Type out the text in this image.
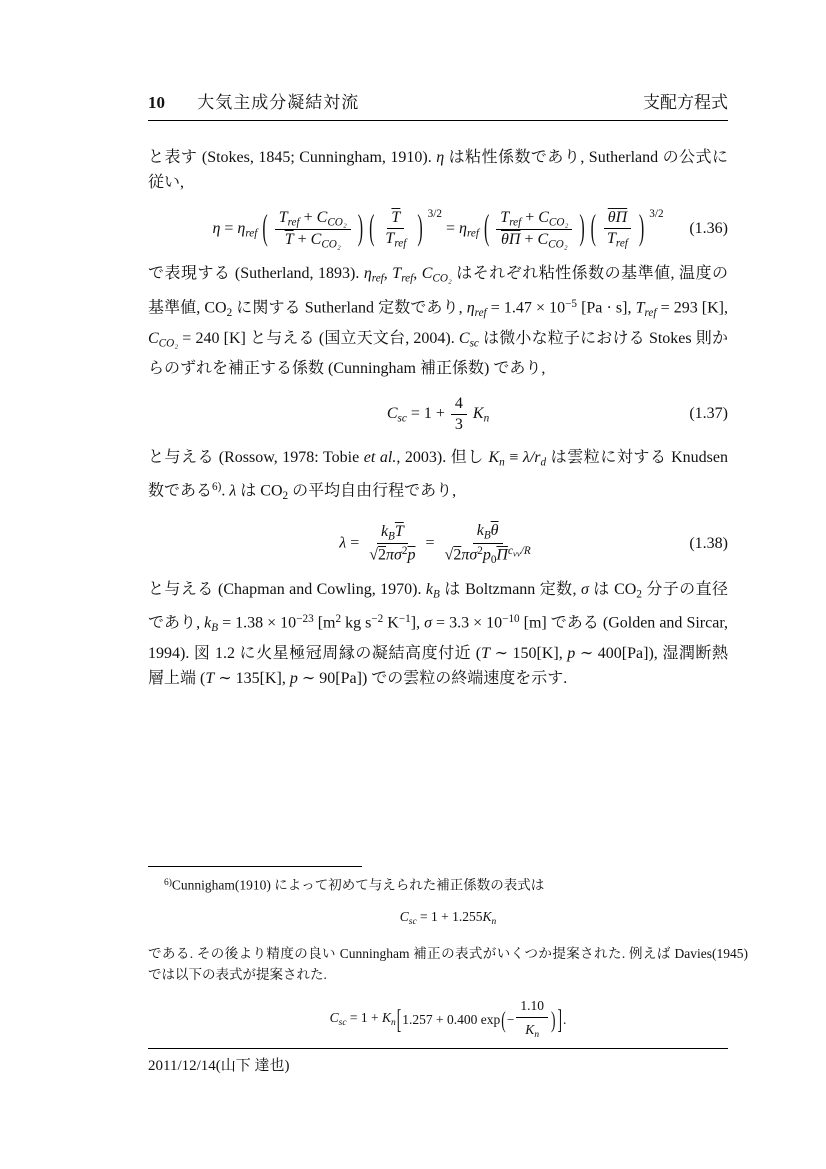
10 大気主成分凝結対流	支配方程式

と表す (Stokes, 1845; Cunningham, 1910). η は粘性係数であり, Sutherland の公式に従い,

$\eta = \eta_{ref}$ ( $\frac{T_{ref} + C_{CO_2}}{\overline{T} + C_{CO_2}}$ ) ( $\frac{\overline{T}}{T_{ref}}$ ) $^{3/2} = \eta_{ref}$ ( $\frac{T_{ref} + C_{CO_2}}{\overline{\theta\Pi} + C_{CO_2}}$ ) ( $\frac{\overline{\theta\Pi}}{T_{ref}}$ ) $^{3/2}$
(1.36)

で表現する (Sutherland, 1893). $\eta_{ref}$, $T_{ref}$, $C_{CO_2}$ はそれぞれ粘性係数の基準値, 温度の基準値, $CO_2$ に関する Sutherland 定数であり, $\eta_{ref} = 1.47 \times 10^{-5}$ [Pa · s], $T_{ref} = 293$ [K], $C_{CO_2} = 240$ [K] と与える (国立天文台, 2004). $C_{sc}$ は微小な粒子における Stokes 則からのずれを補正する係数 (Cunningham 補正係数) であり,

$C_{sc} = 1 + \frac{4}{3} K_n$	(1.37)

と与える (Rossow, 1978: Tobie et al., 2003). 但し $K_n \equiv \lambda/r_d$ は雲粒に対する Knudsen 数である$^{6)}$. λ は $CO_2$ の平均自由行程であり,

$\lambda = \frac{k_B\overline{T}}{√2\pi\sigma^2\overline{p}} = \frac{k_B\overline{\theta}}{√2\pi\sigma^2p_0\overline{\Pi}^cvv^{/R}}$	(1.38)

と与える (Chapman and Cowling, 1970). $k_B$ は Boltzmann 定数, σ は $CO_2$ 分子の直径であり, $k_B = 1.38 \times 10^{-23}$ [$m^2$ kg $s^{-2}$ $K^{-1}$], $\sigma = 3.3 \times 10^{-10}$ [m] である (Golden and Sircar, 1994). 図 1.2 に火星極冠周縁の凝結高度付近 (T ∼ 150[K], p ∼ 400[Pa]), 湿潤断熱層上端 (T ∼ 135[K], p ∼ 90[Pa]) での雲粒の終端速度を示す.

$^{6)}$Cunnigham(1910) によって初めて与えられた補正係数の表式は

$C_{sc} = 1 + 1.255K_n$

である. その後より精度の良い Cunningham 補正の表式がいくつか提案された. 例えば Davies(1945) では以下の表式が提案された.

$C_{sc} = 1 + K_n$ [ 1.257 + 0.400 exp ( − $\frac{1.10}{K_n}$ ) ] .

2011/12/14(山下 達也)
